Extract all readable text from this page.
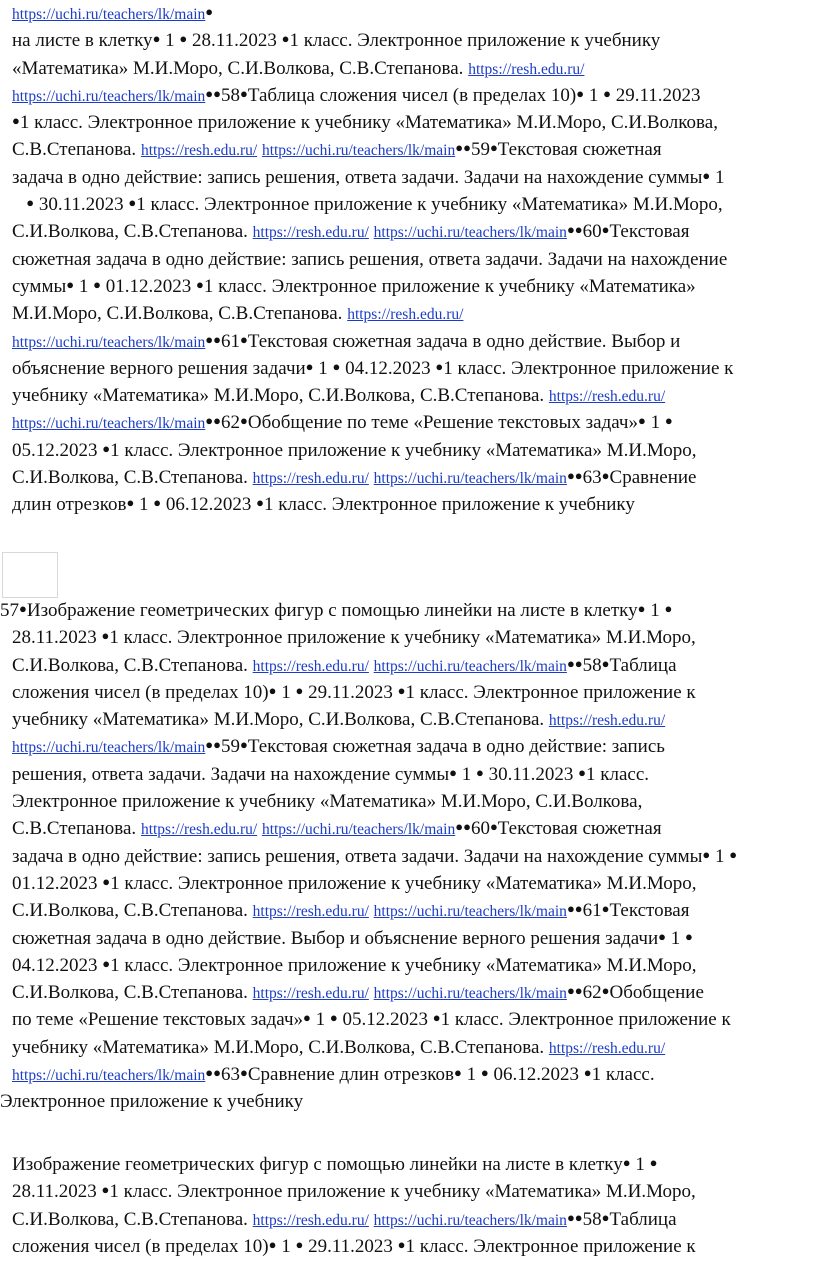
https://uchi.ru/teachers/lk/main●
на листе в клетку● 1 ● 28.11.2023 ●1 класс. Электронное приложение к учебнику
«Математика» М.И.Моро, С.И.Волкова, С.В.Степанова. https://resh.edu.ru/
https://uchi.ru/teachers/lk/main●●58●Таблица сложения чисел (в пределах 10)● 1 ● 29.11.2023
●1 класс. Электронное приложение к учебнику «Математика» М.И.Моро, С.И.Волкова,
С.В.Степанова. https://resh.edu.ru/ https://uchi.ru/teachers/lk/main●●59●Текстовая сюжетная
задача в одно действие: запись решения, ответа задачи. Задачи на нахождение суммы● 1
● 30.11.2023 ●1 класс. Электронное приложение к учебнику «Математика» М.И.Моро,
С.И.Волкова, С.В.Степанова. https://resh.edu.ru/ https://uchi.ru/teachers/lk/main●●60●Текстовая
сюжетная задача в одно действие: запись решения, ответа задачи. Задачи на нахождение
суммы● 1 ● 01.12.2023 ●1 класс. Электронное приложение к учебнику «Математика»
М.И.Моро, С.И.Волкова, С.В.Степанова. https://resh.edu.ru/
https://uchi.ru/teachers/lk/main●●61●Текстовая сюжетная задача в одно действие. Выбор и
объяснение верного решения задачи● 1 ● 04.12.2023 ●1 класс. Электронное приложение к
учебнику «Математика» М.И.Моро, С.И.Волкова, С.В.Степанова. https://resh.edu.ru/
https://uchi.ru/teachers/lk/main●●62●Обобщение по теме «Решение текстовых задач»● 1 ●
05.12.2023 ●1 класс. Электронное приложение к учебнику «Математика» М.И.Моро,
С.И.Волкова, С.В.Степанова. https://resh.edu.ru/ https://uchi.ru/teachers/lk/main●●63●Сравнение
длин отрезков● 1 ● 06.12.2023 ●1 класс. Электронное приложение к учебнику
57●Изображение геометрических фигур с помощью линейки на листе в клетку● 1 ●
28.11.2023 ●1 класс. Электронное приложение к учебнику «Математика» М.И.Моро,
С.И.Волкова, С.В.Степанова. https://resh.edu.ru/ https://uchi.ru/teachers/lk/main●●58●Таблица
сложения чисел (в пределах 10)● 1 ● 29.11.2023 ●1 класс. Электронное приложение к
учебнику «Математика» М.И.Моро, С.И.Волкова, С.В.Степанова. https://resh.edu.ru/
https://uchi.ru/teachers/lk/main●●59●Текстовая сюжетная задача в одно действие: запись
решения, ответа задачи. Задачи на нахождение суммы● 1 ● 30.11.2023 ●1 класс.
Электронное приложение к учебнику «Математика» М.И.Моро, С.И.Волкова,
С.В.Степанова. https://resh.edu.ru/ https://uchi.ru/teachers/lk/main●●60●Текстовая сюжетная
задача в одно действие: запись решения, ответа задачи. Задачи на нахождение суммы● 1 ●
01.12.2023 ●1 класс. Электронное приложение к учебнику «Математика» М.И.Моро,
С.И.Волкова, С.В.Степанова. https://resh.edu.ru/ https://uchi.ru/teachers/lk/main●●61●Текстовая
сюжетная задача в одно действие. Выбор и объяснение верного решения задачи● 1 ●
04.12.2023 ●1 класс. Электронное приложение к учебнику «Математика» М.И.Моро,
С.И.Волкова, С.В.Степанова. https://resh.edu.ru/ https://uchi.ru/teachers/lk/main●●62●Обобщение
по теме «Решение текстовых задач»● 1 ● 05.12.2023 ●1 класс. Электронное приложение к
учебнику «Математика» М.И.Моро, С.И.Волкова, С.В.Степанова. https://resh.edu.ru/
https://uchi.ru/teachers/lk/main●●63●Сравнение длин отрезков● 1 ● 06.12.2023 ●1 класс.
Электронное приложение к учебнику
Изображение геометрических фигур с помощью линейки на листе в клетку● 1 ●
28.11.2023 ●1 класс. Электронное приложение к учебнику «Математика» М.И.Моро,
С.И.Волкова, С.В.Степанова. https://resh.edu.ru/ https://uchi.ru/teachers/lk/main●●58●Таблица
сложения чисел (в пределах 10)● 1 ● 29.11.2023 ●1 класс. Электронное приложение к
